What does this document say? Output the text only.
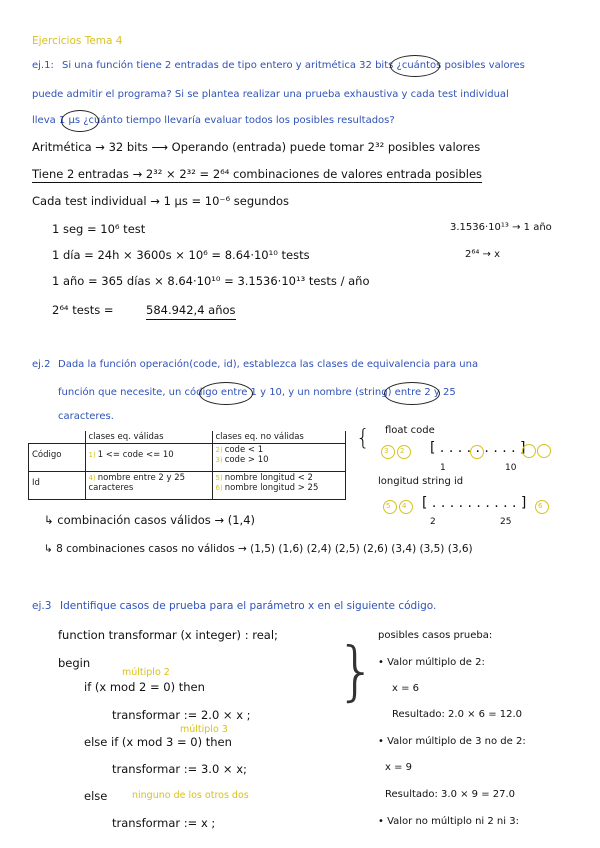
Ejercicios Tema 4
ej.1: Si una función tiene 2 entradas de tipo entero y aritmética 32 bits ¿cuántos posibles valores
puede admitir el programa? Si se plantea realizar una prueba exhaustiva y cada test individual
lleva 1 µs ¿cuánto tiempo llevaría evaluar todos los posibles resultados?
Aritmética → 32 bits ⟶ Operando (entrada) puede tomar 2³² posibles valores
Tiene 2 entradas → 2³² × 2³² = 2⁶⁴ combinaciones de valores entrada posibles
Cada test individual → 1 µs = 10⁻⁶ segundos
1 seg = 10⁶ test
1 día = 24h × 3600s × 10⁶ = 8.64·10¹⁰ tests
1 año = 365 días × 8.64·10¹⁰ = 3.1536·10¹³ tests / año
2⁶⁴ tests =	584.942,4 años
3.1536·10¹³ → 1 año
2⁶⁴ → x
ej.2 Dada la función operación(code, id), establezca las clases de equivalencia para una
función que necesite, un código entre 1 y 10, y un nombre (string) entre 2 y 25
caracteres.
	clases eq. válidas	clases eq. no válidas
Código	1) 1 <= code <= 10	2) code < 1
3) code > 10

Id	4) nombre entre 2 y 25 caracteres	5) nombre longitud < 2
6) nombre longitud > 25
{ float code
3 2 [ . . . . . . . . . ]
1	10
longitud string id
5 4 [ . . . . . . . . . . ]
2	25
6
↳ combinación casos válidos → (1,4)
↳ 8 combinaciones casos no válidos → (1,5) (1,6) (2,4) (2,5) (2,6) (3,4) (3,5) (3,6)
ej.3 Identifique casos de prueba para el parámetro x en el siguiente código.
function transformar (x integer) : real;
begin
múltiplo 2
if (x mod 2 = 0) then
transformar := 2.0 × x ;
múltiplo 3
else if (x mod 3 = 0) then
transformar := 3.0 × x;
else	ninguno de los otros dos
transformar := x ;
} posibles casos prueba:
• Valor múltiplo de 2:
x = 6
Resultado: 2.0 × 6 = 12.0
• Valor múltiplo de 3 no de 2:
x = 9
Resultado: 3.0 × 9 = 27.0
• Valor no múltiplo ni 2 ni 3:
